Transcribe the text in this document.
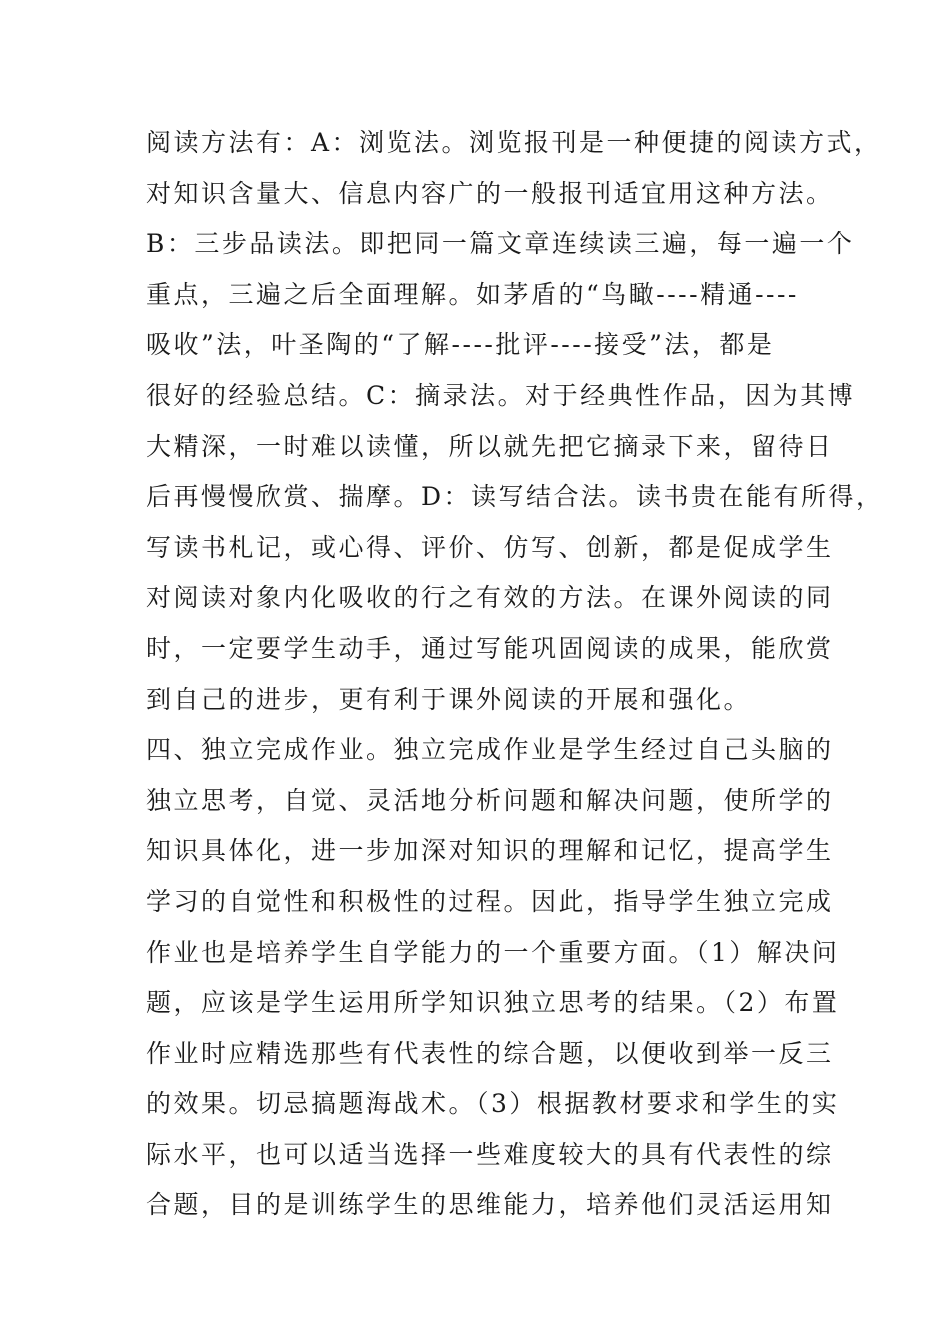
阅读方法有：A：浏览法。浏览报刊是一种便捷的阅读方式，
对知识含量大、信息内容广的一般报刊适宜用这种方法。
B：三步品读法。即把同一篇文章连续读三遍，每一遍一个
重点，三遍之后全面理解。如茅盾的“鸟瞰----精通----
吸收”法，叶圣陶的“了解----批评----接受”法，都是
很好的经验总结。C：摘录法。对于经典性作品，因为其博
大精深，一时难以读懂，所以就先把它摘录下来，留待日
后再慢慢欣赏、揣摩。D：读写结合法。读书贵在能有所得，
写读书札记，或心得、评价、仿写、创新，都是促成学生
对阅读对象内化吸收的行之有效的方法。在课外阅读的同
时，一定要学生动手，通过写能巩固阅读的成果，能欣赏
到自己的进步，更有利于课外阅读的开展和强化。
四、独立完成作业。独立完成作业是学生经过自己头脑的
独立思考，自觉、灵活地分析问题和解决问题，使所学的
知识具体化，进一步加深对知识的理解和记忆，提高学生
学习的自觉性和积极性的过程。因此，指导学生独立完成
作业也是培养学生自学能力的一个重要方面。（1）解决问
题，应该是学生运用所学知识独立思考的结果。（2）布置
作业时应精选那些有代表性的综合题，以便收到举一反三
的效果。切忌搞题海战术。（3）根据教材要求和学生的实
际水平，也可以适当选择一些难度较大的具有代表性的综
合题，目的是训练学生的思维能力，培养他们灵活运用知
